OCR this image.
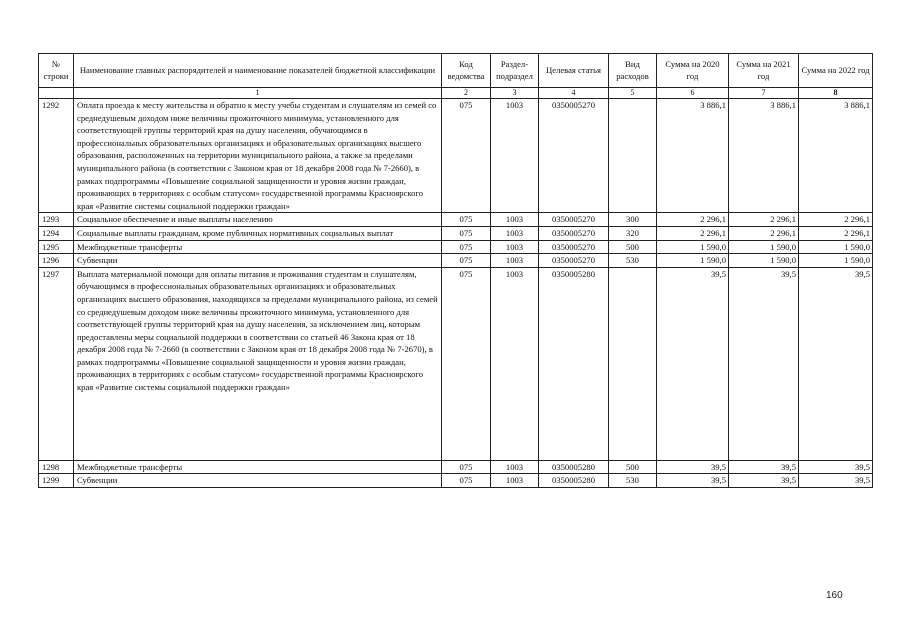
№ строки	Наименование главных распорядителей и наименование показателей бюджетной классификации	Код ведомства	Раздел-подраздел	Целевая статья	Вид расходов	Сумма на 2020 год	Сумма на 2021 год	Сумма на 2022 год
	1	2	3	4	5	6	7	8
1292	Оплата проезда к месту жительства и обратно к месту учебы студентам и слушателям из семей со среднедушевым доходом ниже величины прожиточного минимума, установленного для соответствующей группы территорий края на душу населения, обучающимся в профессиональных образовательных организациях и образовательных организациях высшего образования, расположенных на территории муниципального района, а также за пределами муниципального района (в соответствии с Законом края от 18 декабря 2008 года № 7-2660), в рамках подпрограммы «Повышение социальной защищенности и уровня жизни граждан, проживающих в территориях с особым статусом» государственной программы Красноярского края «Развитие системы социальной поддержки граждан»	075	1003	0350005270		3 886,1	3 886,1	3 886,1
1293	Социальное обеспечение и иные выплаты населению	075	1003	0350005270	300	2 296,1	2 296,1	2 296,1
1294	Социальные выплаты гражданам, кроме публичных нормативных социальных выплат	075	1003	0350005270	320	2 296,1	2 296,1	2 296,1
1295	Межбюджетные трансферты	075	1003	0350005270	500	1 590,0	1 590,0	1 590,0
1296	Субвенции	075	1003	0350005270	530	1 590,0	1 590,0	1 590,0
1297	Выплата материальной помощи для оплаты питания и проживания студентам и слушателям, обучающимся в профессиональных образовательных организациях и образовательных организациях высшего образования, находящихся за пределами муниципального района, из семей со среднедушевым доходом ниже величины прожиточного минимума, установленного для соответствующей группы территорий края на душу населения, за исключением лиц, которым предоставлены меры социальной поддержки в соответствии со статьей 46 Закона края от 18 декабря 2008 года № 7-2660 (в соответствии с Законом края от 18 декабря 2008 года № 7-2670), в рамках подпрограммы «Повышение социальной защищенности и уровня жизни граждан, проживающих в территориях с особым статусом» государственной программы Красноярского края «Развитие системы социальной поддержки граждан»	075	1003	0350005280		39,5	39,5	39,5
1298	Межбюджетные трансферты	075	1003	0350005280	500	39,5	39,5	39,5
1299	Субвенции	075	1003	0350005280	530	39,5	39,5	39,5
160
